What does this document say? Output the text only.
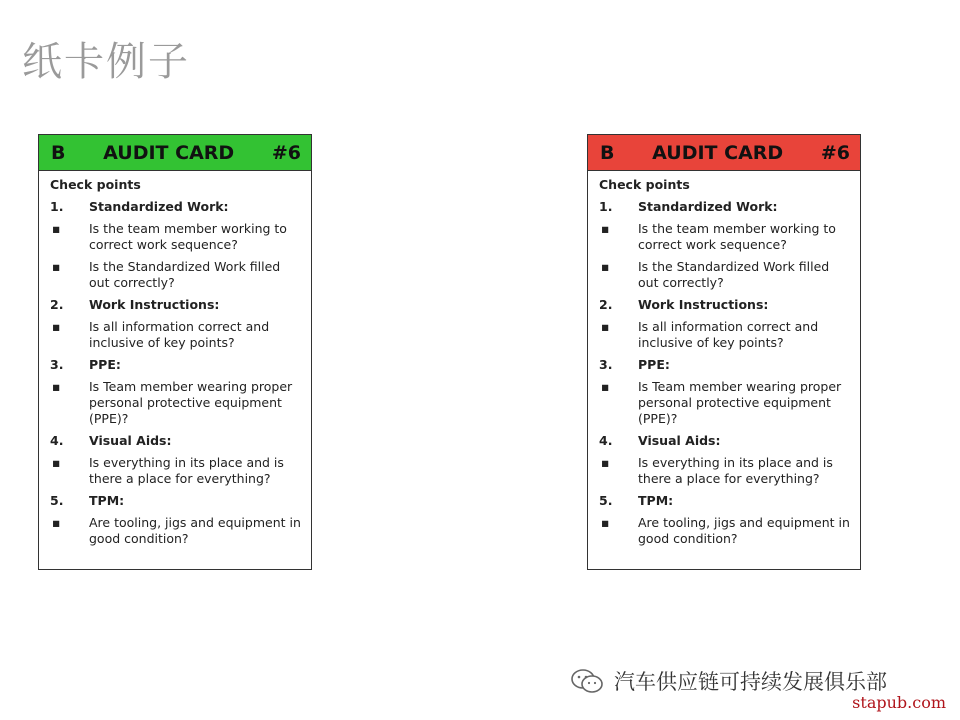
纸卡例子
B	AUDIT CARD	#6
Check points
1.	Standardized Work:
▪	Is the team member working to correct work sequence?
▪	Is the Standardized Work filled out correctly?
2.	Work Instructions:
▪	Is all information correct and inclusive of key points?
3.	PPE:
▪	Is Team member wearing proper personal protective equipment (PPE)?
4.	Visual Aids:
▪	Is everything in its place and is there a place for everything?
5.	TPM:
▪	Are tooling, jigs and equipment in good condition?
B	AUDIT CARD	#6
Check points
1.	Standardized Work:
▪	Is the team member working to correct work sequence?
▪	Is the Standardized Work filled out correctly?
2.	Work Instructions:
▪	Is all information correct and inclusive of key points?
3.	PPE:
▪	Is Team member wearing proper personal protective equipment (PPE)?
4.	Visual Aids:
▪	Is everything in its place and is there a place for everything?
5.	TPM:
▪	Are tooling, jigs and equipment in good condition?
汽车供应链可持续发展俱乐部
stapub.com
